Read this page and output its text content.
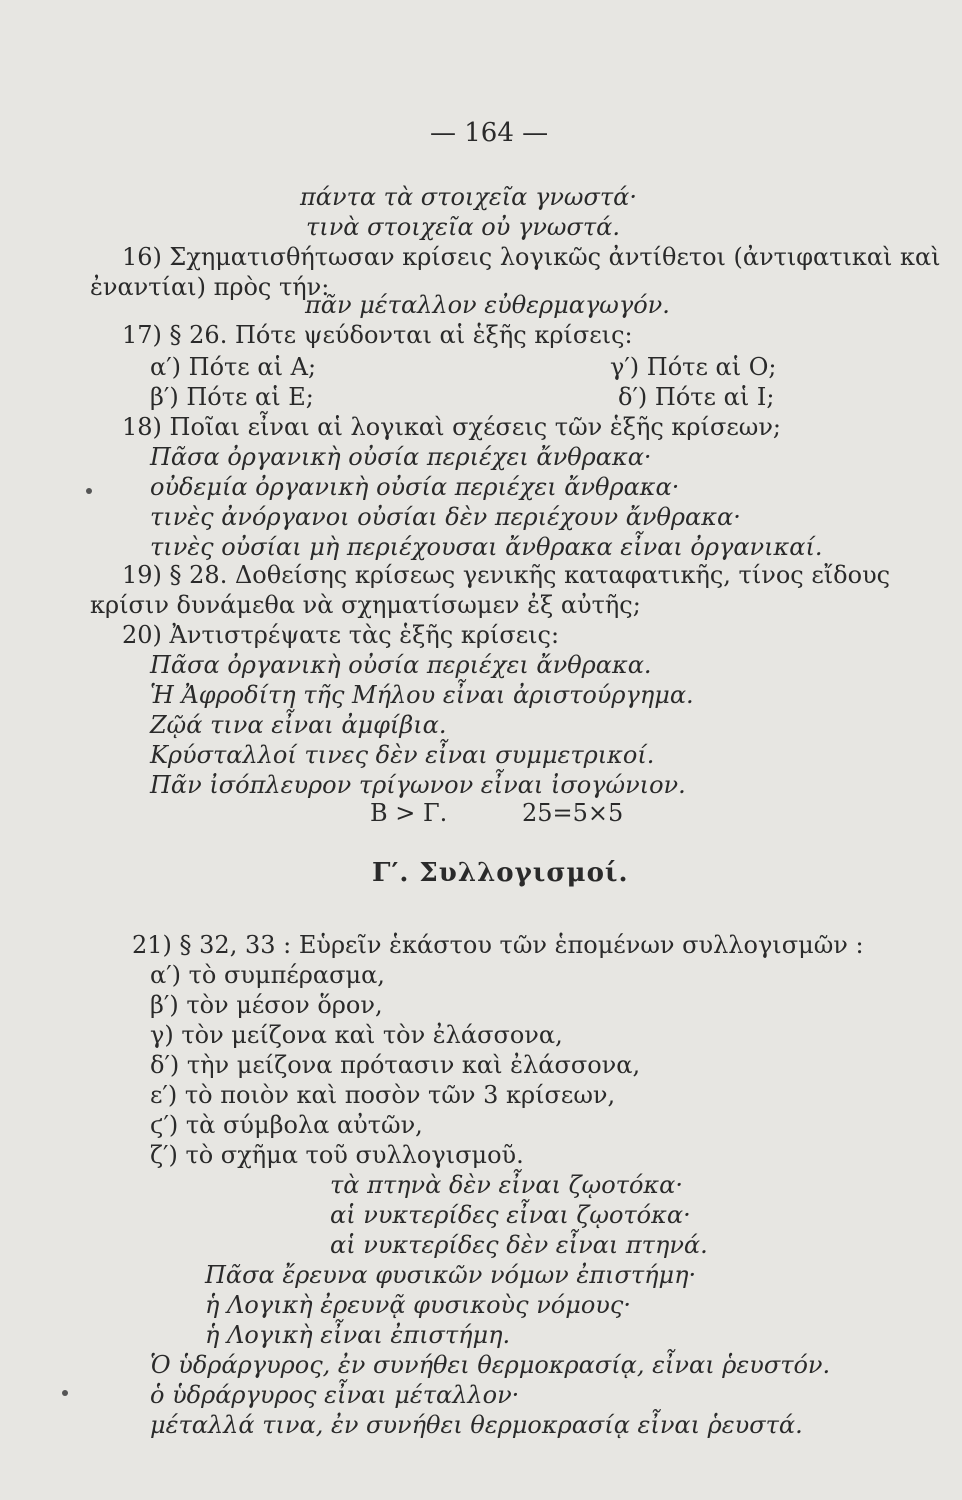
— 164 —
πάντα τὰ στοιχεῖα γνωστά·
τινὰ στοιχεῖα οὐ γνωστά.
16) Σχηματισθήτωσαν κρίσεις λογικῶς ἀντίθετοι (ἀντιφατικαὶ καὶ
ἐναντίαι) πρὸς τήν:
πᾶν μέταλλον εὐθερμαγωγόν.
17) § 26. Πότε ψεύδονται αἱ ἑξῆς κρίσεις:
α′) Πότε αἱ Α;	γ′) Πότε αἱ Ο;
β′) Πότε αἱ Ε;	δ′) Πότε αἱ Ι;
18) Ποῖαι εἶναι αἱ λογικαὶ σχέσεις τῶν ἑξῆς κρίσεων;
Πᾶσα ὀργανικὴ οὐσία περιέχει ἄνθρακα·
οὐδεμία ὀργανικὴ οὐσία περιέχει ἄνθρακα·
τινὲς ἀνόργανοι οὐσίαι δὲν περιέχουν ἄνθρακα·
τινὲς οὐσίαι μὴ περιέχουσαι ἄνθρακα εἶναι ὀργανικαί.
19) § 28. Δοθείσης κρίσεως γενικῆς καταφατικῆς, τίνος εἴδους
κρίσιν δυνάμεθα νὰ σχηματίσωμεν ἐξ αὐτῆς;
20) Ἀντιστρέψατε τὰς ἑξῆς κρίσεις:
Πᾶσα ὀργανικὴ οὐσία περιέχει ἄνθρακα.
Ἡ Ἀφροδίτη τῆς Μήλου εἶναι ἀριστούργημα.
Ζῷά τινα εἶναι ἀμφίβια.
Κρύσταλλοί τινες δὲν εἶναι συμμετρικοί.
Πᾶν ἰσόπλευρον τρίγωνον εἶναι ἰσογώνιον.
Β > Γ.	25=5×5
Γ′. Συλλογισμοί.
21) § 32, 33 : Εὑρεῖν ἑκάστου τῶν ἑπομένων συλλογισμῶν :
α′) τὸ συμπέρασμα,
β′) τὸν μέσον ὅρον,
γ) τὸν μείζονα καὶ τὸν ἐλάσσονα,
δ′) τὴν μείζονα πρότασιν καὶ ἐλάσσονα,
ε′) τὸ ποιὸν καὶ ποσὸν τῶν 3 κρίσεων,
ϛ′) τὰ σύμβολα αὐτῶν,
ζ′) τὸ σχῆμα τοῦ συλλογισμοῦ.
τὰ πτηνὰ δὲν εἶναι ζῳοτόκα·
αἱ νυκτερίδες εἶναι ζῳοτόκα·
αἱ νυκτερίδες δὲν εἶναι πτηνά.
Πᾶσα ἔρευνα φυσικῶν νόμων ἐπιστήμη·
ἡ Λογικὴ ἐρευνᾷ φυσικοὺς νόμους·
ἡ Λογικὴ εἶναι ἐπιστήμη.
Ὁ ὑδράργυρος, ἐν συνήθει θερμοκρασίᾳ, εἶναι ῥευστόν.
ὁ ὑδράργυρος εἶναι μέταλλον·
μέταλλά τινα, ἐν συνήθει θερμοκρασίᾳ εἶναι ῥευστά.
